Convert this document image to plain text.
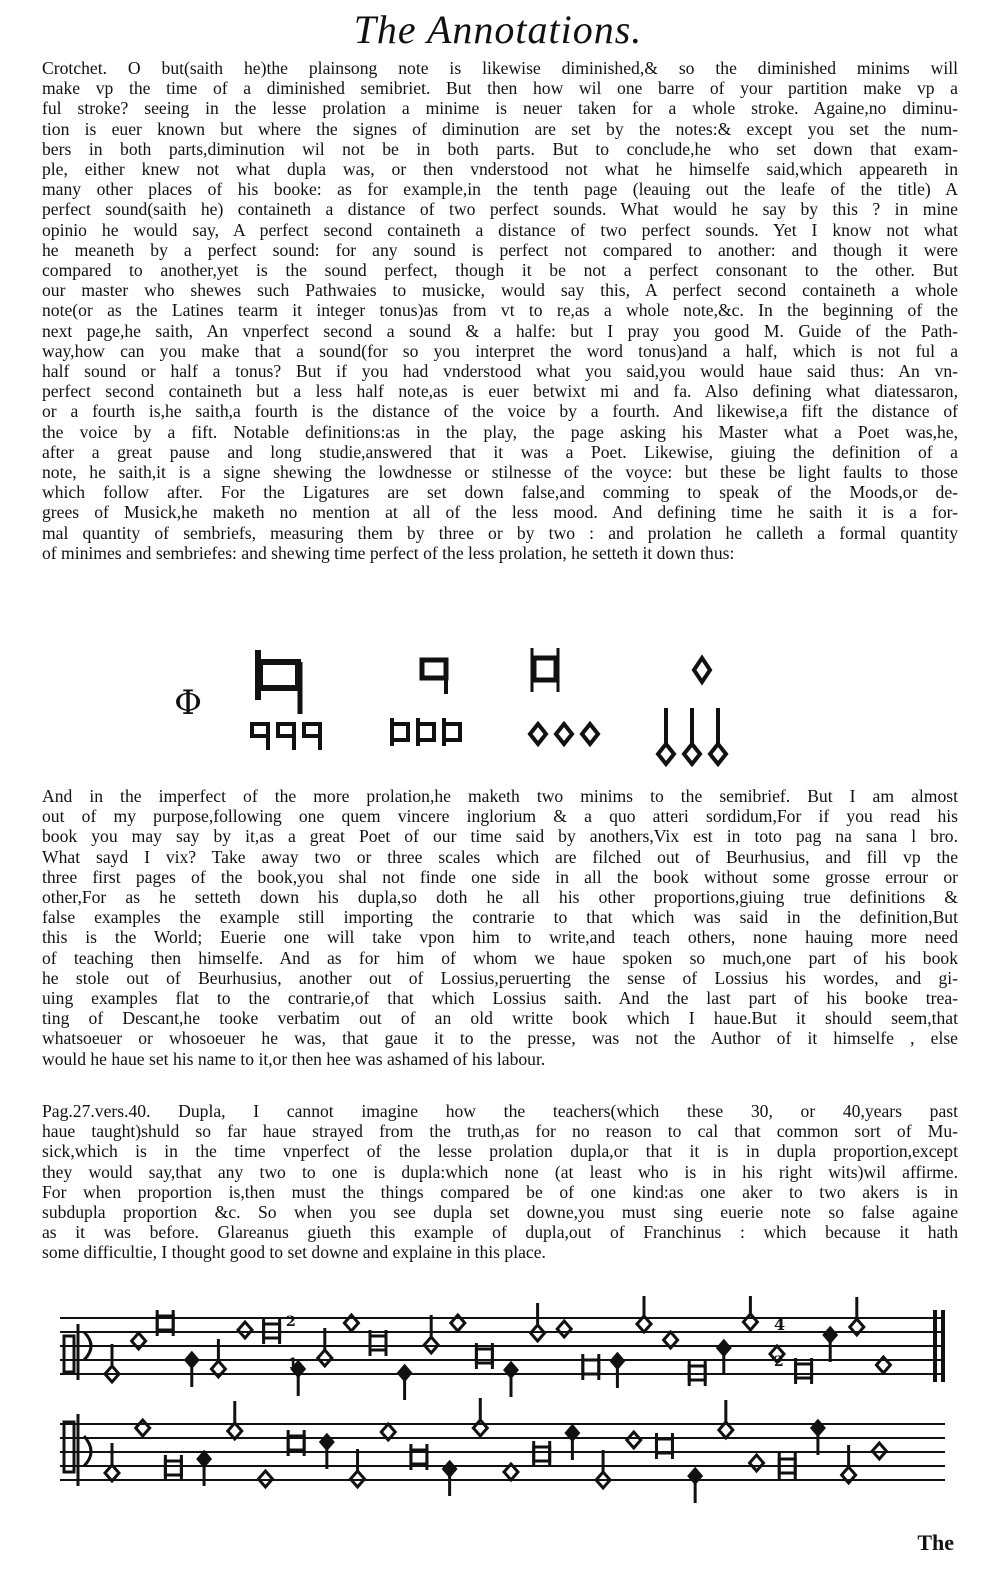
The Annotations.
Crotchet. O but(saith he)the plainsong note is likewise diminished,& so the diminished minims will
make vp the time of a diminished semibriet. But then how wil one barre of your partition make vp a
ful stroke? seeing in the lesse prolation a minime is neuer taken for a whole stroke. Againe,no diminu-
tion is euer known but where the signes of diminution are set by the notes:& except you set the num-
bers in both parts,diminution wil not be in both parts. But to conclude,he who set down that exam-
ple, either knew not what dupla was, or then vnderstood not what he himselfe said,which appeareth in
many other places of his booke: as for example,in the tenth page (leauing out the leafe of the title) A
perfect sound(saith he) containeth a distance of two perfect sounds. What would he say by this ? in mine
opinio he would say, A perfect second containeth a distance of two perfect sounds. Yet I know not what
he meaneth by a perfect sound: for any sound is perfect not compared to another: and though it were
compared to another,yet is the sound perfect, though it be not a perfect consonant to the other. But
our master who shewes such Pathwaies to musicke, would say this, A perfect second containeth a whole
note(or as the Latines tearm it integer tonus)as from vt to re,as a whole note,&c. In the beginning of the
next page,he saith, An vnperfect second a sound & a halfe: but I pray you good M. Guide of the Path-
way,how can you make that a sound(for so you interpret the word tonus)and a half, which is not ful a
half sound or half a tonus? But if you had vnderstood what you said,you would haue said thus: An vn-
perfect second containeth but a less half note,as is euer betwixt mi and fa. Also defining what diatessaron,
or a fourth is,he saith,a fourth is the distance of the voice by a fourth. And likewise,a fift the distance of
the voice by a fift. Notable definitions:as in the play, the page asking his Master what a Poet was,he,
after a great pause and long studie,answered that it was a Poet. Likewise, giuing the definition of a
note, he saith,it is a signe shewing the lowdnesse or stilnesse of the voyce: but these be light faults to those
which follow after. For the Ligatures are set down false,and comming to speak of the Moods,or de-
grees of Musick,he maketh no mention at all of the less mood. And defining time he saith it is a for-
mal quantity of sembriefs, measuring them by three or by two : and prolation he calleth a formal quantity
of minimes and sembriefes: and shewing time perfect of the less prolation, he setteth it down thus:
Φ
And in the imperfect of the more prolation,he maketh two minims to the semibrief. But I am almost
out of my purpose,following one quem vincere inglorium & a quo atteri sordidum,For if you read his
book you may say by it,as a great Poet of our time said by anothers,Vix est in toto pag na sana l bro.
What sayd I vix? Take away two or three scales which are filched out of Beurhusius, and fill vp the
three first pages of the book,you shal not finde one side in all the book without some grosse errour or
other,For as he setteth down his dupla,so doth he all his other proportions,giuing true definitions &
false examples the example still importing the contrarie to that which was said in the definition,But
this is the World; Euerie one will take vpon him to write,and teach others, none hauing more need
of teaching then himselfe. And as for him of whom we haue spoken so much,one part of his book
he stole out of Beurhusius, another out of Lossius,peruerting the sense of Lossius his wordes, and gi-
uing examples flat to the contrarie,of that which Lossius saith. And the last part of his booke trea-
ting of Descant,he tooke verbatim out of an old writte book which I haue.But it should seem,that
whatsoeuer or whosoeuer he was, that gaue it to the presse, was not the Author of it himselfe , else
would he haue set his name to it,or then hee was ashamed of his labour.
Pag.27.vers.40. Dupla, I cannot imagine how the teachers(which these 30, or 40,years past
haue taught)shuld so far haue strayed from the truth,as for no reason to cal that common sort of Mu-
sick,which is in the time vnperfect of the lesse prolation dupla,or that it is in dupla proportion,except
they would say,that any two to one is dupla:which none (at least who is in his right wits)wil affirme.
For when proportion is,then must the things compared be of one kind:as one aker to two akers is in
subdupla proportion &c. So when you see dupla set downe,you must sing euerie note so false againe
as it was before. Glareanus giueth this example of dupla,out of Franchinus : which because it hath
some difficultie, I thought good to set downe and explaine in this place.
2
1
4
2
The
